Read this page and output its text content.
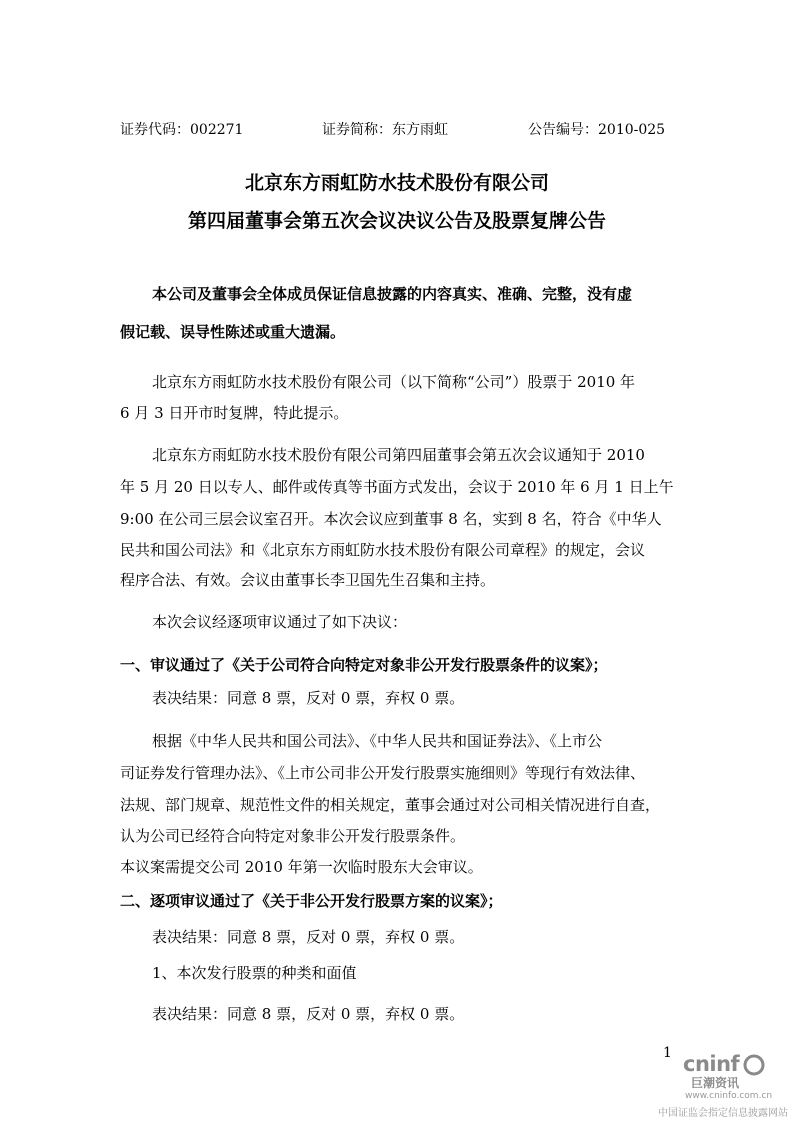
证券代码：002271	证券简称：东方雨虹	公告编号：2010-025
北京东方雨虹防水技术股份有限公司
第四届董事会第五次会议决议公告及股票复牌公告
本公司及董事会全体成员保证信息披露的内容真实、准确、完整，没有虚
假记载、误导性陈述或重大遗漏。
北京东方雨虹防水技术股份有限公司（以下简称“公司”）股票于 2010 年
6 月 3 日开市时复牌，特此提示。
北京东方雨虹防水技术股份有限公司第四届董事会第五次会议通知于 2010
年 5 月 20 日以专人、邮件或传真等书面方式发出，会议于 2010 年 6 月 1 日上午
9:00 在公司三层会议室召开。本次会议应到董事 8 名，实到 8 名，符合《中华人
民共和国公司法》和《北京东方雨虹防水技术股份有限公司章程》的规定，会议
程序合法、有效。会议由董事长李卫国先生召集和主持。
本次会议经逐项审议通过了如下决议：
一、审议通过了《关于公司符合向特定对象非公开发行股票条件的议案》；
表决结果：同意 8 票，反对 0 票，弃权 0 票。
根据《中华人民共和国公司法》、《中华人民共和国证券法》、《上市公
司证券发行管理办法》、《上市公司非公开发行股票实施细则》等现行有效法律、
法规、部门规章、规范性文件的相关规定，董事会通过对公司相关情况进行自查，
认为公司已经符合向特定对象非公开发行股票条件。
本议案需提交公司 2010 年第一次临时股东大会审议。
二、逐项审议通过了《关于非公开发行股票方案的议案》；
表决结果：同意 8 票，反对 0 票，弃权 0 票。
1、本次发行股票的种类和面值
表决结果：同意 8 票，反对 0 票，弃权 0 票。
1 cninf
巨潮资讯
www.cninfo.com.cn
中国证监会指定信息披露网站
